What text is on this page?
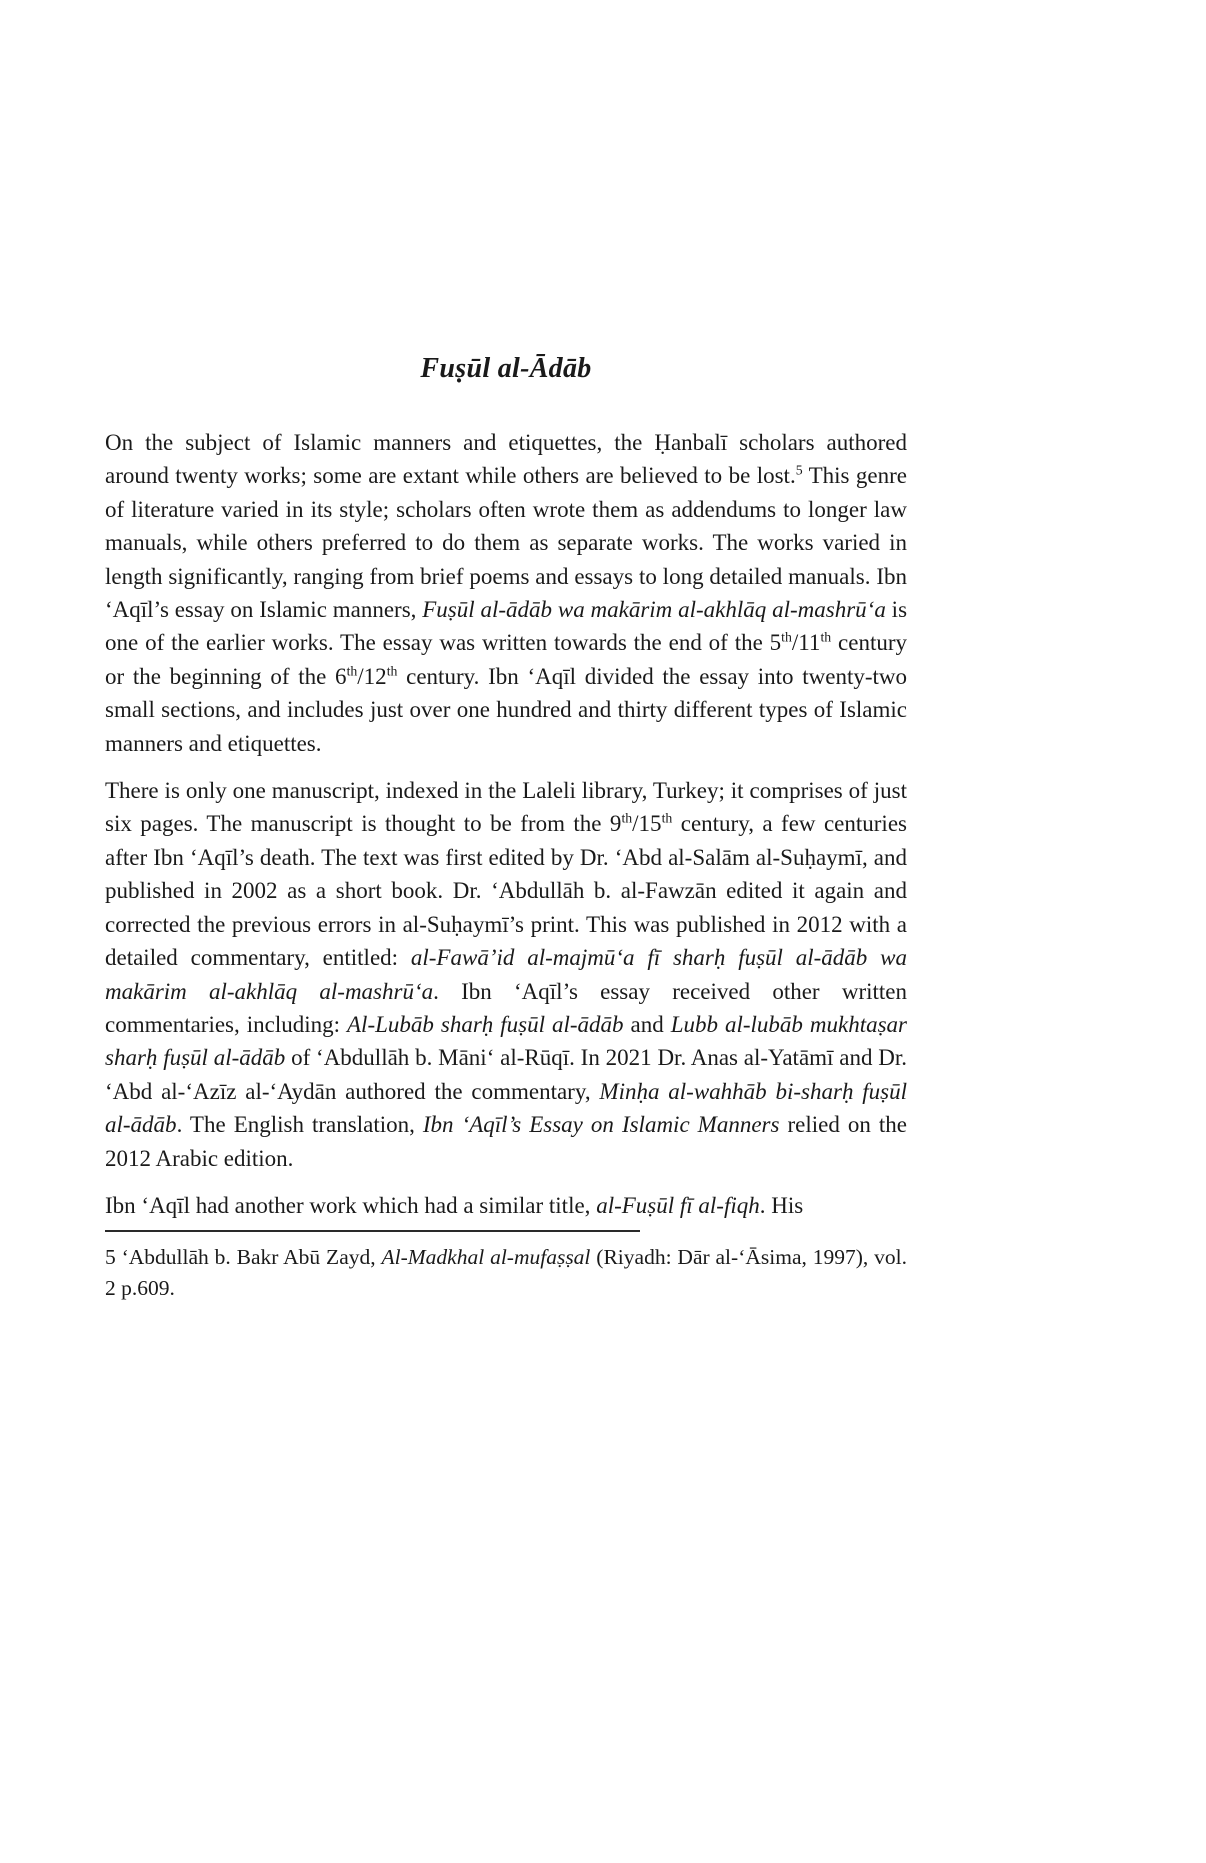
Fuṣūl al-Ādāb

On the subject of Islamic manners and etiquettes, the Ḥanbalī scholars authored around twenty works; some are extant while others are believed to be lost.$^5$ This genre of literature varied in its style; scholars often wrote them as addendums to longer law manuals, while others preferred to do them as separate works. The works varied in length significantly, ranging from brief poems and essays to long detailed manuals. Ibn ‘Aqīl’s essay on Islamic manners, Fuṣūl al-ādāb wa makārim al-akhlāq al-mashrū‘a is one of the earlier works. The essay was written towards the end of the 5th/11th century or the beginning of the 6th/12th century. Ibn ‘Aqīl divided the essay into twenty-two small sections, and includes just over one hundred and thirty different types of Islamic manners and etiquettes.

There is only one manuscript, indexed in the Laleli library, Turkey; it comprises of just six pages. The manuscript is thought to be from the 9th/15th century, a few centuries after Ibn ‘Aqīl’s death. The text was first edited by Dr. ‘Abd al-Salām al-Suḥaymī, and published in 2002 as a short book. Dr. ‘Abdullāh b. al-Fawzān edited it again and corrected the previous errors in al-Suḥaymī’s print. This was published in 2012 with a detailed commentary, entitled: al-Fawā’id al-majmū‘a fī sharḥ fuṣūl al-ādāb wa makārim al-akhlāq al-mashrū‘a. Ibn ‘Aqīl’s essay received other written commentaries, including: Al-Lubāb sharḥ fuṣūl al-ādāb and Lubb al-lubāb mukhtaṣar sharḥ fuṣūl al-ādāb of ‘Abdullāh b. Māni‘ al-Rūqī. In 2021 Dr. Anas al-Yatāmī and Dr. ‘Abd al-‘Azīz al-‘Aydān authored the commentary, Minḥa al-wahhāb bi-sharḥ fuṣūl al-ādāb. The English translation, Ibn ‘Aqīl’s Essay on Islamic Manners relied on the 2012 Arabic edition.

Ibn ‘Aqīl had another work which had a similar title, al-Fuṣūl fī al-fiqh. His

5 ‘Abdullāh b. Bakr Abū Zayd, Al-Madkhal al-mufaṣṣal (Riyadh: Dār al-‘Āsima, 1997), vol. 2 p.609.
